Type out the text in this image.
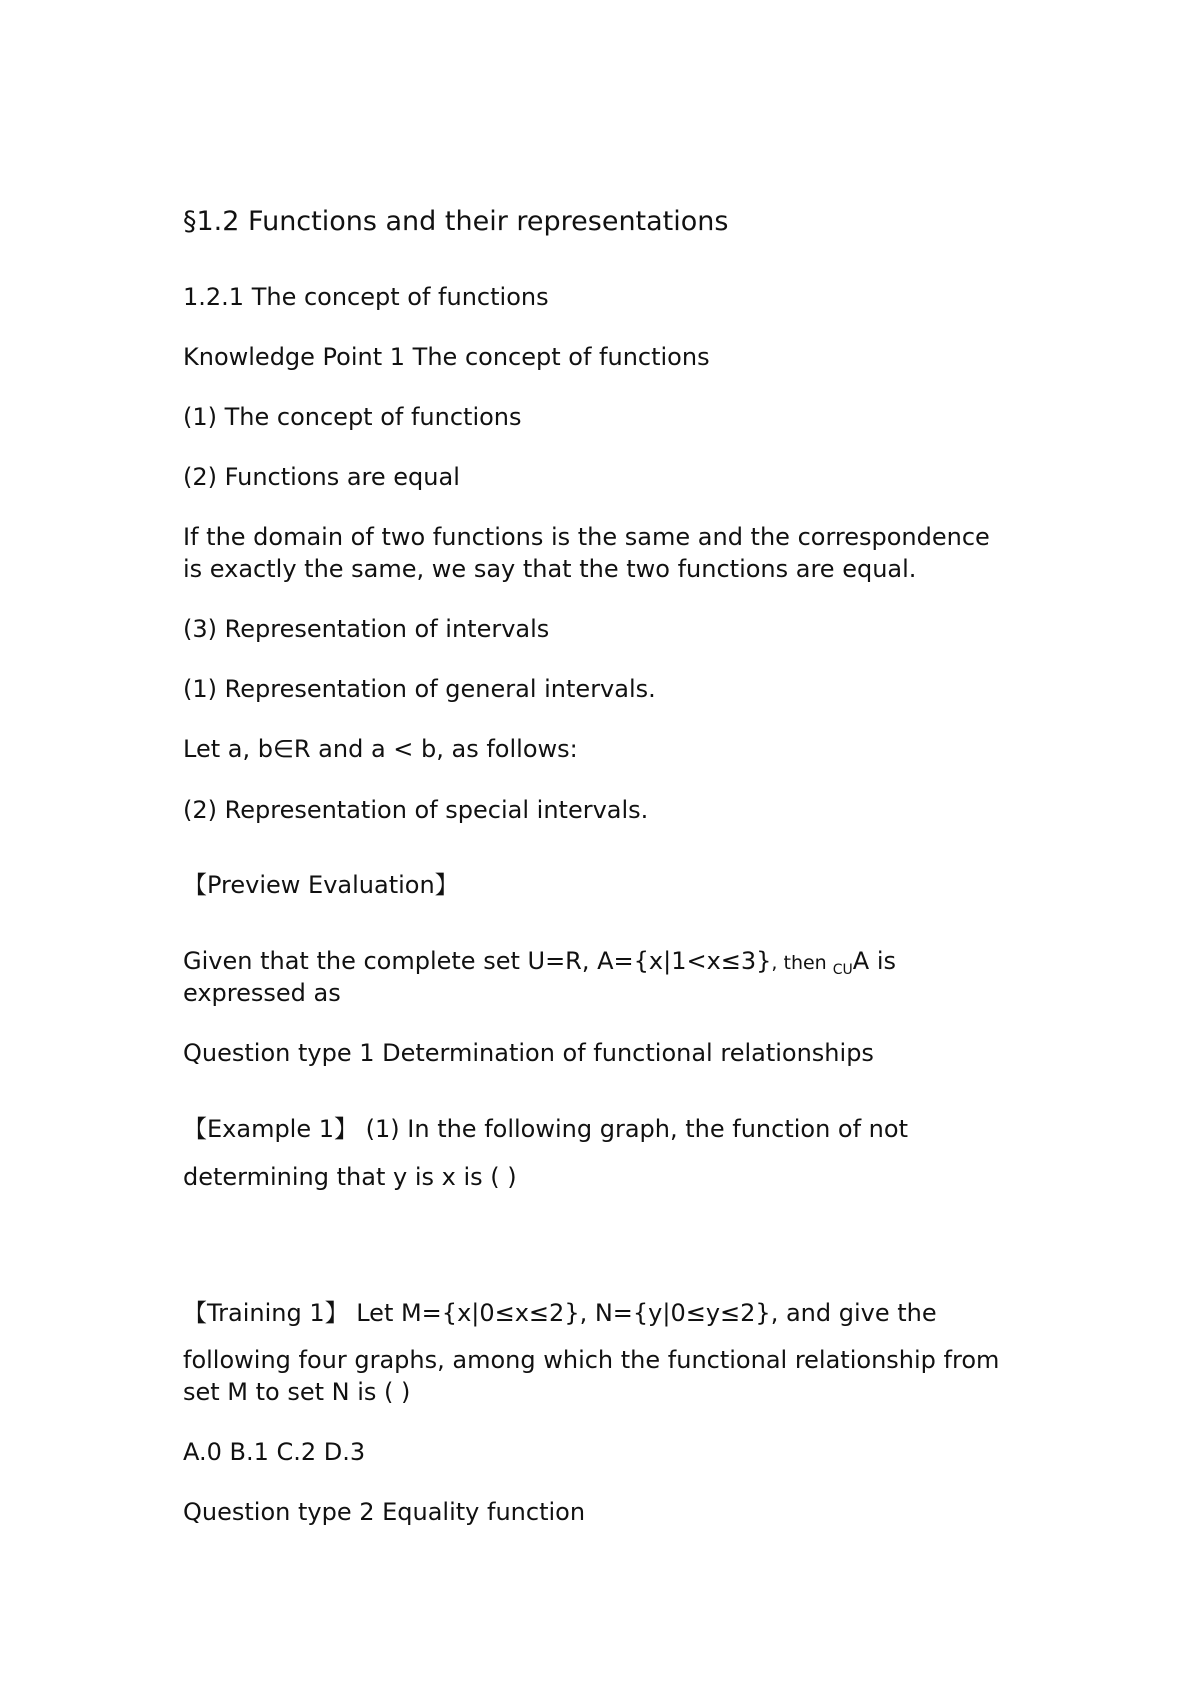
§1.2 Functions and their representations

1.2.1 The concept of functions

Knowledge Point 1 The concept of functions

(1) The concept of functions

(2) Functions are equal

If the domain of two functions is the same and the correspondence

is exactly the same, we say that the two functions are equal.

(3) Representation of intervals

(1) Representation of general intervals.

Let a, b∈R and a < b, as follows:

(2) Representation of special intervals.

【Preview Evaluation】

Given that the complete set U=R, A={x|1<x≤3}, then $_{CU}$A is

expressed as

Question type 1 Determination of functional relationships

【Example 1】 (1) In the following graph, the function of not

determining that y is x is ( )

【Training 1】 Let M={x|0≤x≤2}, N={y|0≤y≤2}, and give the

following four graphs, among which the functional relationship from

set M to set N is ( )

A.0 B.1 C.2 D.3

Question type 2 Equality function
